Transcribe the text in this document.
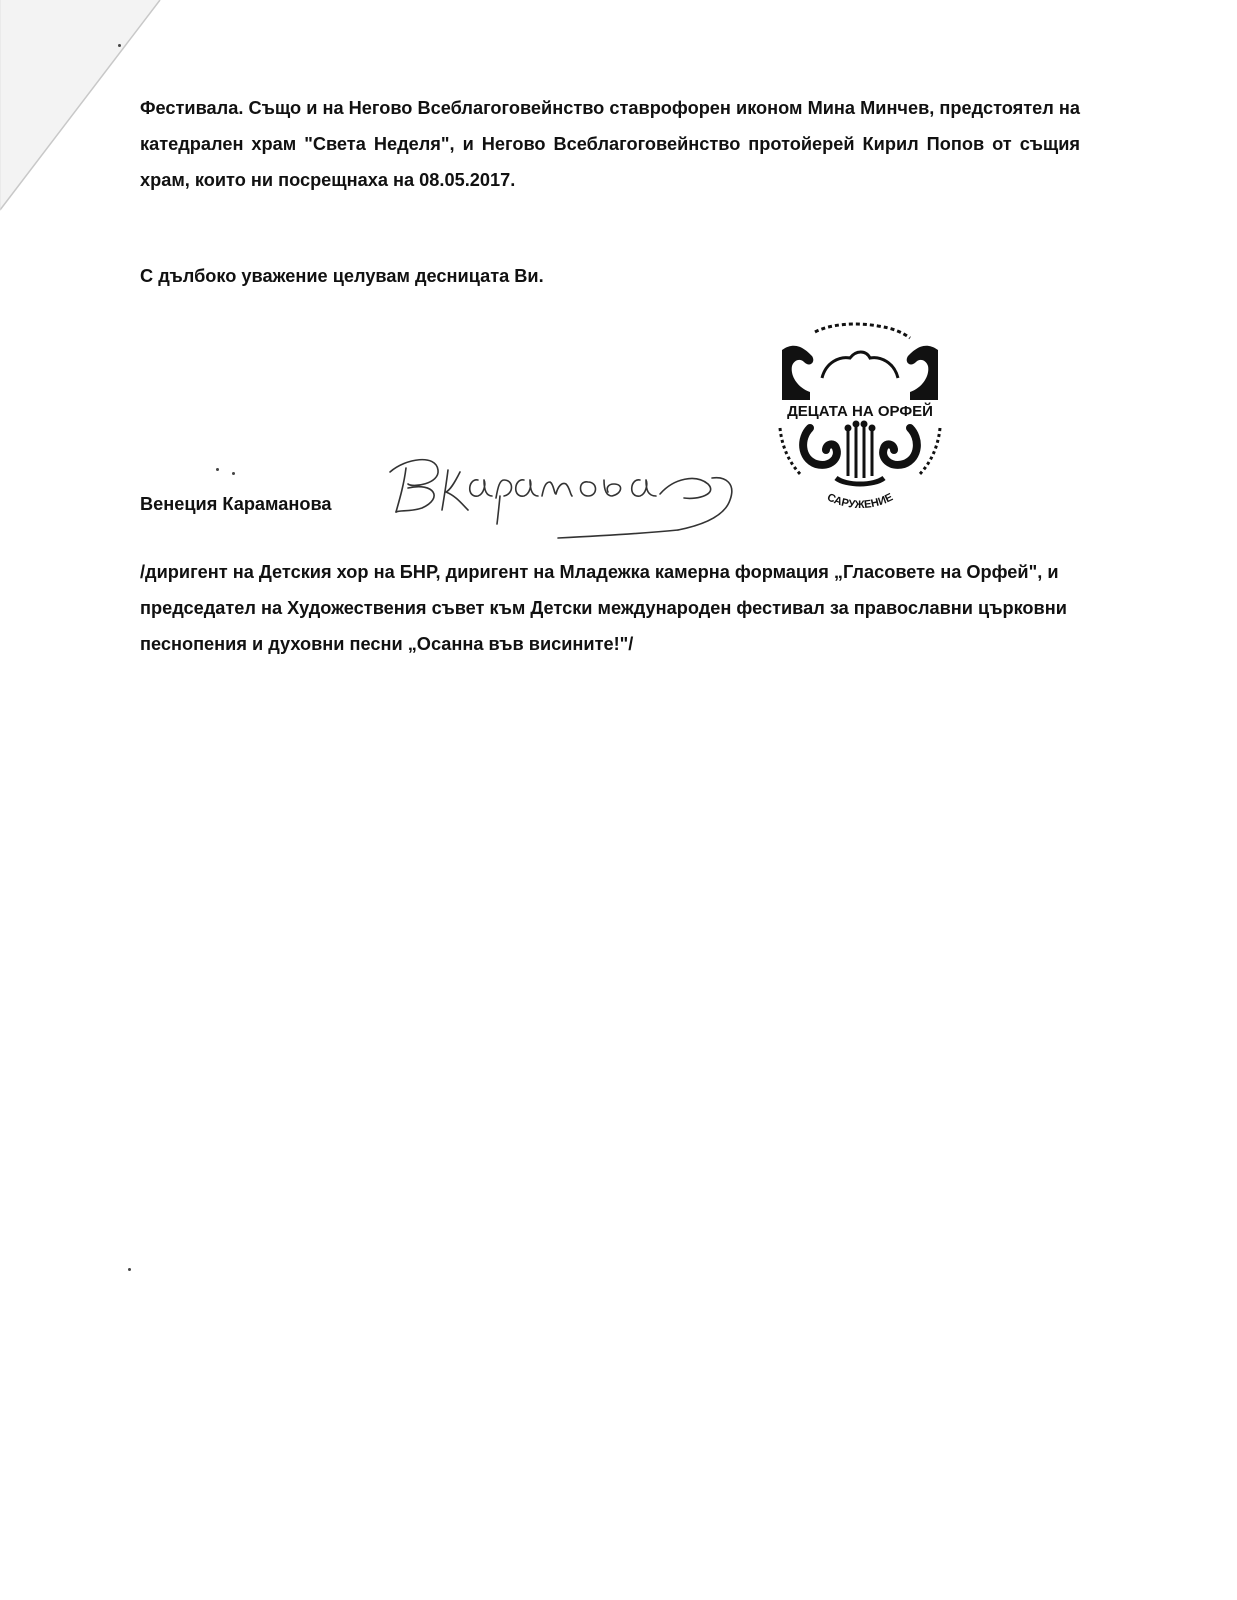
Фестивала. Също и на Негово Всеблагоговейнство ставрофорен иконом Мина Минчев, предстоятел на катедрален храм "Света Неделя", и Негово Всеблагоговейнство протойерей Кирил Попов от същия храм, които ни посрещнаха на 08.05.2017.

С дълбоко уважение целувам десницата Ви.

Венеция Караманова

ДЕЦАТА НА ОРФЕЙ
САРУЖЕНИЕ

/диригент на Детския хор на БНР, диригент на Младежка камерна формация „Гласовете на Орфей", и председател на Художествения съвет към Детски международен фестивал за православни църковни песнопения и духовни песни „Осанна във висините!"/
